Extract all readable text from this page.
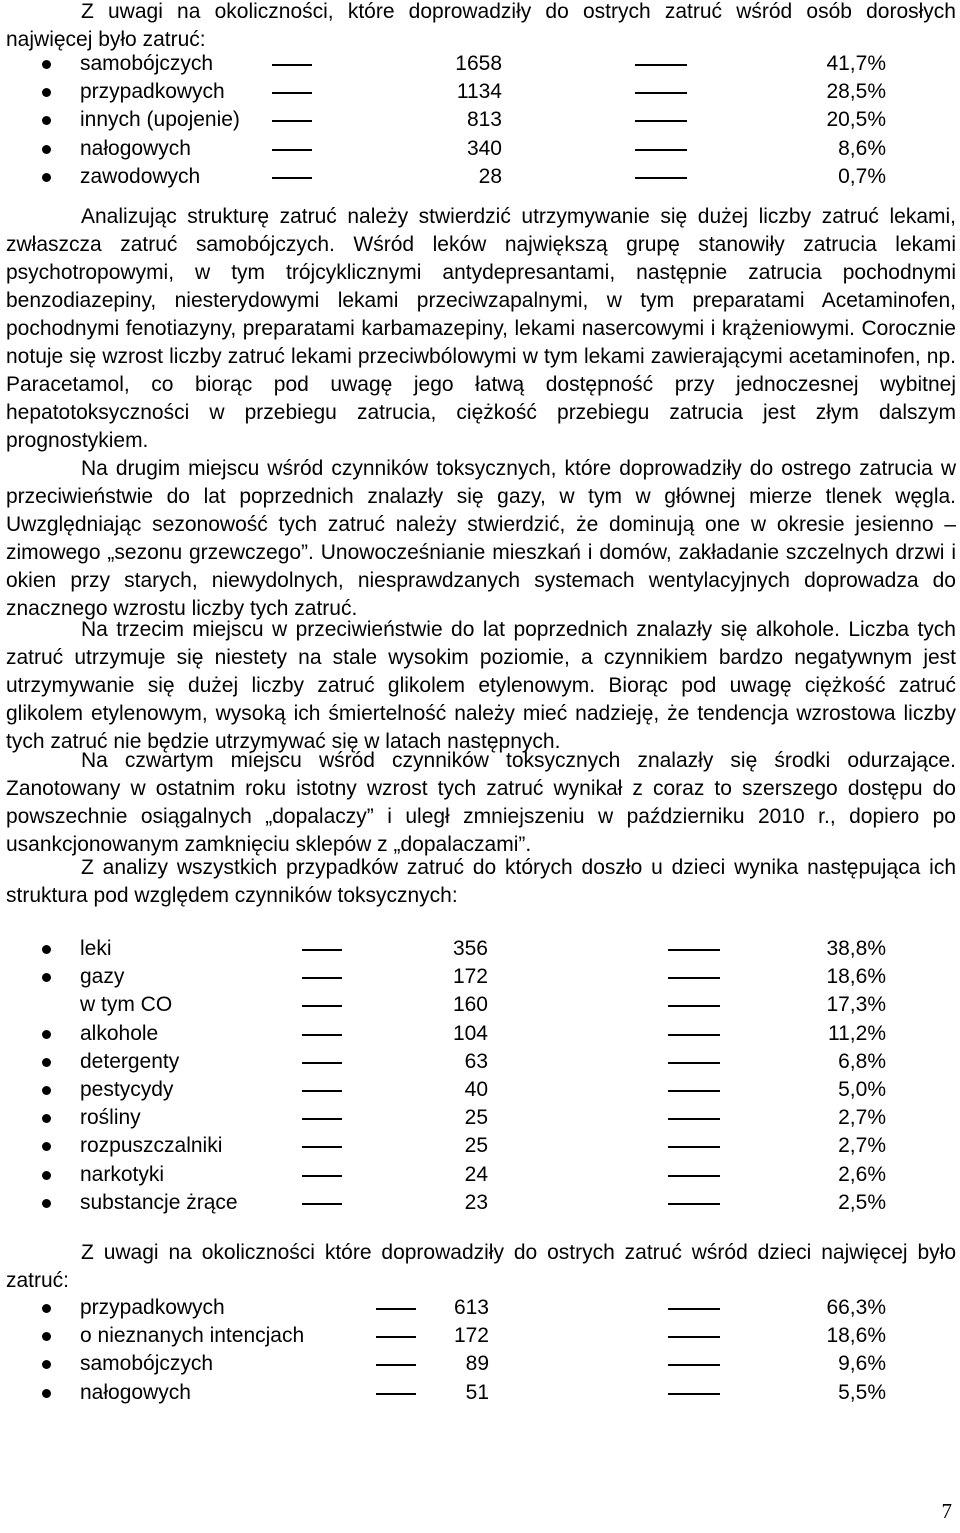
Z uwagi na okoliczności, które doprowadziły do ostrych zatruć wśród osób dorosłych najwięcej było zatruć:

samobójczych	1658	41,7%
przypadkowych	1134	28,5%
innych (upojenie)	813	20,5%
nałogowych	340	8,6%
zawodowych	28	0,7%

Analizując strukturę zatruć należy stwierdzić utrzymywanie się dużej liczby zatruć lekami, zwłaszcza zatruć samobójczych. Wśród leków największą grupę stanowiły zatrucia lekami psychotropowymi, w tym trójcyklicznymi antydepresantami, następnie zatrucia pochodnymi benzodiazepiny, niesterydowymi lekami przeciwzapalnymi, w tym preparatami Acetaminofen, pochodnymi fenotiazyny, preparatami karbamazepiny, lekami nasercowymi i krążeniowymi. Corocznie notuje się wzrost liczby zatruć lekami przeciwbólowymi w tym lekami zawierającymi acetaminofen, np. Paracetamol, co biorąc pod uwagę jego łatwą dostępność przy jednoczesnej wybitnej hepatotoksyczności w przebiegu zatrucia, ciężkość przebiegu zatrucia jest złym dalszym prognostykiem.

Na drugim miejscu wśród czynników toksycznych, które doprowadziły do ostrego zatrucia w przeciwieństwie do lat poprzednich znalazły się gazy, w tym w głównej mierze tlenek węgla. Uwzględniając sezonowość tych zatruć należy stwierdzić, że dominują one w okresie jesienno – zimowego „sezonu grzewczego”. Unowocześnianie mieszkań i domów, zakładanie szczelnych drzwi i okien przy starych, niewydolnych, niesprawdzanych systemach wentylacyjnych doprowadza do znacznego wzrostu liczby tych zatruć.

Na trzecim miejscu w przeciwieństwie do lat poprzednich znalazły się alkohole. Liczba tych zatruć utrzymuje się niestety na stale wysokim poziomie, a czynnikiem bardzo negatywnym jest utrzymywanie się dużej liczby zatruć glikolem etylenowym. Biorąc pod uwagę ciężkość zatruć glikolem etylenowym, wysoką ich śmiertelność należy mieć nadzieję, że tendencja wzrostowa liczby tych zatruć nie będzie utrzymywać się w latach następnych.

Na czwartym miejscu wśród czynników toksycznych znalazły się środki odurzające. Zanotowany w ostatnim roku istotny wzrost tych zatruć wynikał z coraz to szerszego dostępu do powszechnie osiągalnych „dopalaczy” i uległ zmniejszeniu w październiku 2010 r., dopiero po usankcjonowanym zamknięciu sklepów z „dopalaczami”.

Z analizy wszystkich przypadków zatruć do których doszło u dzieci wynika następująca ich struktura pod względem czynników toksycznych:

leki	356	38,8%
gazy	172	18,6%
w tym CO	160	17,3%
alkohole	104	11,2%
detergenty	63	6,8%
pestycydy	40	5,0%
rośliny	25	2,7%
rozpuszczalniki	25	2,7%
narkotyki	24	2,6%
substancje żrące	23	2,5%

Z uwagi na okoliczności które doprowadziły do ostrych zatruć wśród dzieci najwięcej było zatruć:

przypadkowych	613	66,3%
o nieznanych intencjach	172	18,6%
samobójczych	89	9,6%
nałogowych	51	5,5%
7
